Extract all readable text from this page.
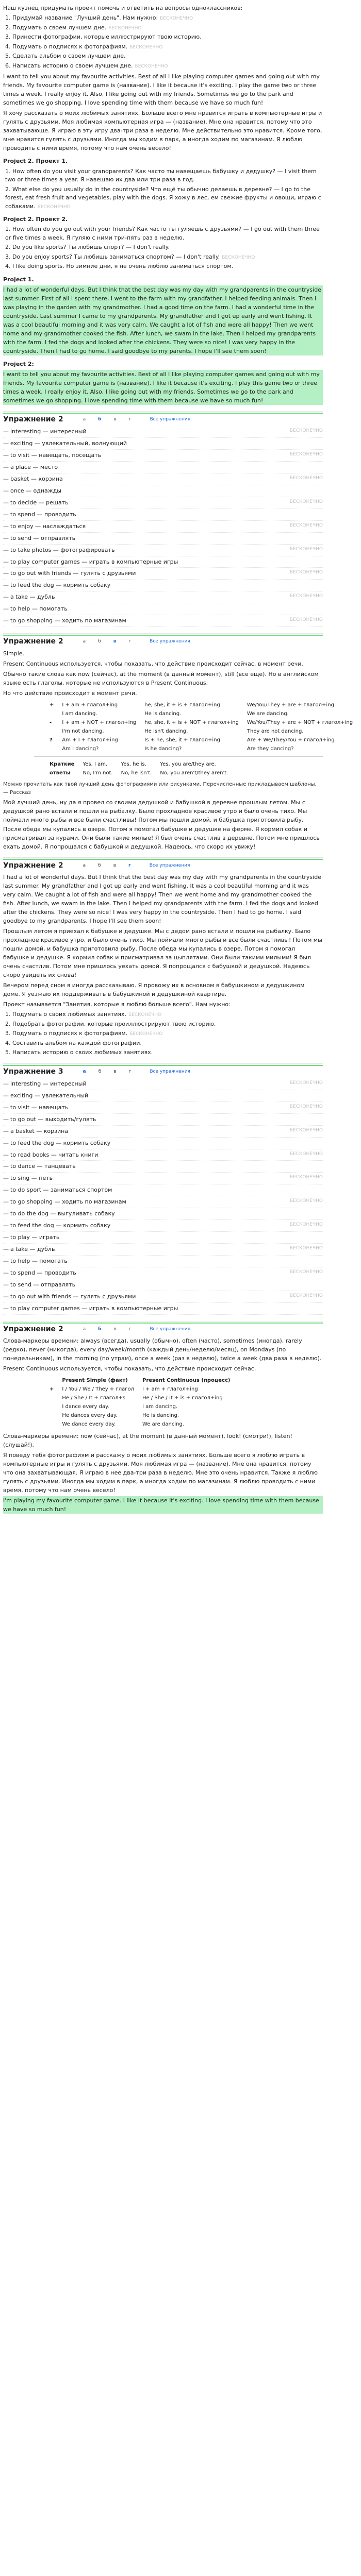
Наш кузнец придумать проект помочь и ответить на вопросы одноклассников:

1. Придумай название "Лучший день". Нам нужно: БЕСКОНЕЧНО
2. Подумать о своем лучшем дне. БЕСКОНЕЧНО
3. Принести фотографии, которые иллюстрируют твою историю.
4. Подумать о подписях к фотографиям. БЕСКОНЕЧНО
5. Сделать альбом о своем лучшем дне.
6. Написать историю о своем лучшем дне. БЕСКОНЕЧНО

I want to tell you about my favourite activities. Best of all I like playing computer games and going out with my friends. My favourite computer game is (название). I like it because it's exciting. I play the game two or three times a week. I really enjoy it. Also, I like going out with my friends. Sometimes we go to the park and sometimes we go shopping. I love spending time with them because we have so much fun!

Я хочу рассказать о моих любимых занятиях. Больше всего мне нравится играть в компьютерные игры и гулять с друзьями. Моя любимая компьютерная игра — (название). Мне она нравится, потому что это захватывающе. Я играю в эту игру два-три раза в неделю. Мне действительно это нравится. Кроме того, мне нравится гулять с друзьями. Иногда мы ходим в парк, а иногда ходим по магазинам. Я люблю проводить с ними время, потому что нам очень весело!

Project 2. Проект 1.

1. How often do you visit your grandparents? Как часто ты навещаешь бабушку и дедушку? — I visit them two or three times a year. Я навещаю их два или три раза в год.
2. What else do you usually do in the countryside? Что ещё ты обычно делаешь в деревне? — I go to the forest, eat fresh fruit and vegetables, play with the dogs. Я хожу в лес, ем свежие фрукты и овощи, играю с собаками. БЕСКОНЕЧНО

Project 2. Проект 2.

1. How often do you go out with your friends? Как часто ты гуляешь с друзьями? — I go out with them three or five times a week. Я гуляю с ними три-пять раз в неделю.
2. Do you like sports? Ты любишь спорт? — I don't really.
3. Do you enjoy sports? Ты любишь заниматься спортом? — I don't really. БЕСКОНЕЧНО
4. I like doing sports. Но зимние дни, я не очень люблю заниматься спортом.

Project 1.

I had a lot of wonderful days. But I think that the best day was my day with my grandparents in the countryside last summer. First of all I spent there, I went to the farm with my grandfather. I helped feeding animals. Then I was playing in the garden with my grandmother. I had a good time on the farm. I had a wonderful time in the countryside. Last summer I came to my grandparents. My grandfather and I got up early and went fishing. It was a cool beautiful morning and it was very calm. We caught a lot of fish and were all happy! Then we went home and my grandmother cooked the fish. After lunch, we swam in the lake. Then I helped my grandparents with the farm. I fed the dogs and looked after the chickens. They were so nice! I was very happy in the countryside. Then I had to go home. I said goodbye to my parents. I hope I'll see them soon!

Project 2:

I want to tell you about my favourite activities. Best of all I like playing computer games and going out with my friends. My favourite computer game is (название). I like it because it's exciting. I play this game two or three times a week. I really enjoy it. Also, I like going out with my friends. Sometimes we go to the park and sometimes we go shopping. I love spending time with them because we have so much fun!

Упражнение 2	а	б	в	г	Все упражнения
— interesting — интересный	БЕСКОНЕЧНО
— exciting — увлекательный, волнующий
— to visit — навещать, посещать	БЕСКОНЕЧНО
— a place — место
— basket — корзина	БЕСКОНЕЧНО
— once — однажды
— to decide — решать	БЕСКОНЕЧНО
— to spend — проводить
— to enjoy — наслаждаться	БЕСКОНЕЧНО
— to send — отправлять
— to take photos — фотографировать	БЕСКОНЕЧНО
— to play computer games — играть в компьютерные игры
— to go out with friends — гулять с друзьями	БЕСКОНЕЧНО
— to feed the dog — кормить собаку
— a take — дубль	БЕСКОНЕЧНО
— to help — помогать
— to go shopping — ходить по магазинам	БЕСКОНЕЧНО
Упражнение 2	а	б	в	г	Все упражнения

Simple.

Present Continuous используется, чтобы показать, что действие происходит сейчас, в момент речи.

Обычно такие слова как now (сейчас), at the moment (в данный момент), still (все еще). Но в английском языке есть глаголы, которые не используются в Present Continuous.

Но что действие происходит в момент речи.

+	I + am + глагол+ing	he, she, it + is + глагол+ing	We/You/They + are + глагол+ing
	I am dancing.	He is dancing.	We are dancing.
-	I + am + NOT + глагол+ing	he, she, it + is + NOT + глагол+ing	We/You/They + are + NOT + глагол+ing
	I'm not dancing.	He isn't dancing.	They are not dancing.
?	Am + I + глагол+ing	Is + he, she, it + глагол+ing	Are + We/They/You + глагол+ing
	Am I dancing?	Is he dancing?	Are they dancing?
Краткие	Yes, I am.	Yes, he is.	Yes, you are/they are.
ответы	No, I'm not.	No, he isn't.	No, you aren't/they aren't.

Можно прочитать как твой лучший день фотографиями или рисунками. Перечисленные прикладываем шаблоны. — Рассказ

Мой лучший день, ну да я провел со своими дедушкой и бабушкой в деревне прошлым летом. Мы с дедушкой рано встали и пошли на рыбалку. Было прохладное красивое утро и было очень тихо. Мы поймали много рыбы и все были счастливы! Потом мы пошли домой, и бабушка приготовила рыбу. После обеда мы купались в озере. Потом я помогал бабушке и дедушке на ферме. Я кормил собак и присматривал за курами. Они были такие милые! Я был очень счастлив в деревне. Потом мне пришлось ехать домой. Я попрощался с бабушкой и дедушкой. Надеюсь, что скоро их увижу!

Упражнение 2	а	б	в	г	Все упражнения

I had a lot of wonderful days. But I think that the best day was my day with my grandparents in the countryside last summer. My grandfather and I got up early and went fishing. It was a cool beautiful morning and it was very calm. We caught a lot of fish and were all happy! Then we went home and my grandmother cooked the fish. After lunch, we swam in the lake. Then I helped my grandparents with the farm. I fed the dogs and looked after the chickens. They were so nice! I was very happy in the countryside. Then I had to go home. I said goodbye to my grandparents. I hope I'll see them soon!

Прошлым летом я приехал к бабушке и дедушке. Мы с дедом рано встали и пошли на рыбалку. Было прохладное красивое утро, и было очень тихо. Мы поймали много рыбы и все были счастливы! Потом мы пошли домой, и бабушка приготовила рыбу. После обеда мы купались в озере. Потом я помогал бабушке и дедушке. Я кормил собак и присматривал за цыплятами. Они были такими милыми! Я был очень счастлив. Потом мне пришлось уехать домой. Я попрощался с бабушкой и дедушкой. Надеюсь скоро увидеть их снова!

Вечером перед сном я иногда рассказываю. Я провожу их в основном в бабушкином и дедушкином доме. Я уезжаю их поддерживать в бабушкиной и дедушкиной квартире.

Проект называется "Занятия, которые я люблю больше всего". Нам нужно:

1. Подумать о своих любимых занятиях. БЕСКОНЕЧНО
2. Подобрать фотографии, которые проиллюстрируют твою историю.
3. Подумать о подписях к фотографиям. БЕСКОНЕЧНО
4. Составить альбом на каждой фотографии.
5. Написать историю о своих любимых занятиях.
Упражнение 3	а	б	в	г	Все упражнения
— interesting — интересный	БЕСКОНЕЧНО
— exciting — увлекательный
— to visit — навещать	БЕСКОНЕЧНО
— to go out — выходить/гулять
— a basket — корзина	БЕСКОНЕЧНО
— to feed the dog — кормить собаку
— to read books — читать книги	БЕСКОНЕЧНО
— to dance — танцевать
— to sing — петь	БЕСКОНЕЧНО
— to do sport — заниматься спортом
— to go shopping — ходить по магазинам	БЕСКОНЕЧНО
— to do the dog — выгуливать собаку
— to feed the dog — кормить собаку	БЕСКОНЕЧНО
— to play — играть
— a take — дубль	БЕСКОНЕЧНО
— to help — помогать
— to spend — проводить	БЕСКОНЕЧНО
— to send — отправлять
— to go out with friends — гулять с друзьями	БЕСКОНЕЧНО
— to play computer games — играть в компьютерные игры
Упражнение 2	а	б	в	г	Все упражнения

Слова-маркеры времени: always (всегда), usually (обычно), often (часто), sometimes (иногда), rarely (редко), never (никогда), every day/week/month (каждый день/неделю/месяц), on Mondays (по понедельникам), in the morning (по утрам), once a week (раз в неделю), twice a week (два раза в неделю).

Present Continuous используется, чтобы показать, что действие происходит сейчас.

	Present Simple (факт)	Present Continuous (процесс)
+	I / You / We / They + глагол	I + am + глагол+ing
	He / She / It + глагол+s	He / She / It + is + глагол+ing
	I dance every day.	I am dancing.
	He dances every day.	He is dancing.
	We dance every day.	We are dancing.

Слова-маркеры времени: now (сейчас), at the moment (в данный момент), look! (смотри!), listen! (слушай!).

Я поведу тебя фотографиям и расскажу о моих любимых занятиях. Больше всего я люблю играть в компьютерные игры и гулять с друзьями. Моя любимая игра — (название). Мне она нравится, потому что она захватывающая. Я играю в нее два-три раза в неделю. Мне это очень нравится. Также я люблю гулять с друзьями. Иногда мы ходим в парк, а иногда ходим по магазинам. Я люблю проводить с ними время, потому что нам очень весело!

I'm playing my favourite computer game. I like it because it's exciting. I love spending time with them because we have so much fun!
